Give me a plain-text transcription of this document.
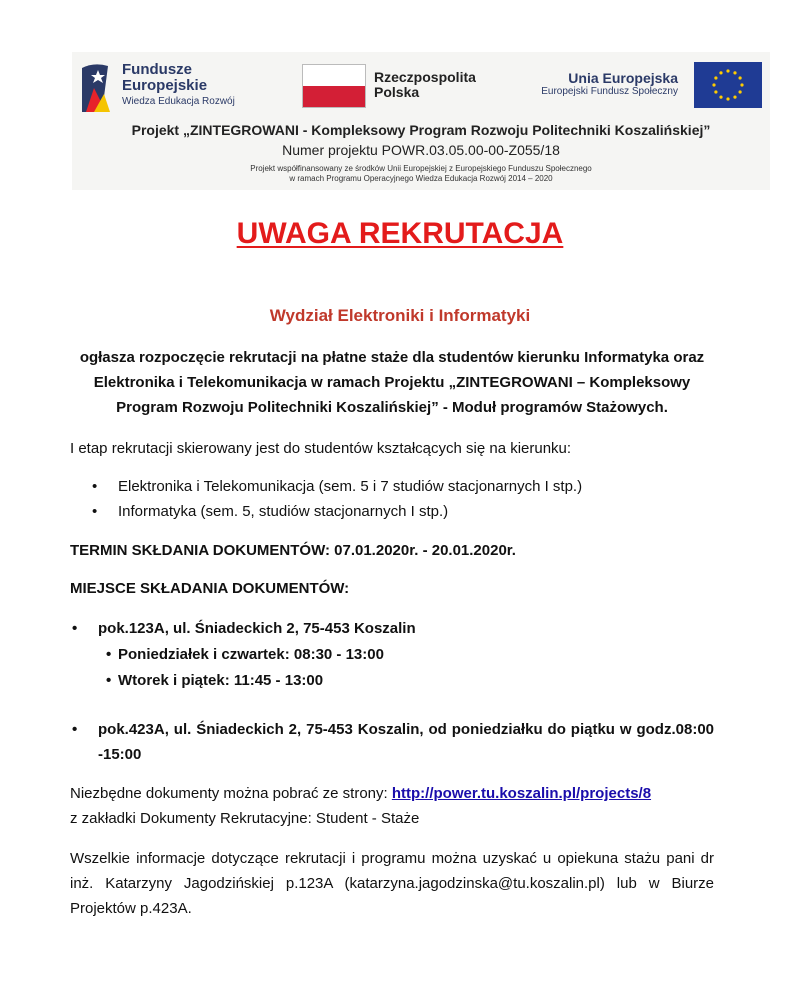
Fundusze
Europejskie
Wiedza Edukacja Rozwój
Rzeczpospolita
Polska
Unia Europejska
Europejski Fundusz Społeczny
Projekt „ZINTEGROWANI - Kompleksowy Program Rozwoju Politechniki Koszalińskiej”
Numer projektu POWR.03.05.00-00-Z055/18
Projekt współfinansowany ze środków Unii Europejskiej z Europejskiego Funduszu Społecznego
w ramach Programu Operacyjnego Wiedza Edukacja Rozwój 2014 – 2020
UWAGA REKRUTACJA
Wydział Elektroniki i Informatyki
ogłasza rozpoczęcie rekrutacji na płatne staże dla studentów kierunku Informatyka oraz Elektronika i Telekomunikacja w ramach Projektu „ZINTEGROWANI – Kompleksowy Program Rozwoju Politechniki Koszalińskiej” - Moduł programów Stażowych.
I etap rekrutacji skierowany jest do studentów kształcących się na kierunku:
• Elektronika i Telekomunikacja (sem. 5 i 7 studiów stacjonarnych I stp.)
• Informatyka (sem. 5, studiów stacjonarnych I stp.)
TERMIN SKŁDANIA DOKUMENTÓW: 07.01.2020r. - 20.01.2020r.
MIEJSCE SKŁADANIA DOKUMENTÓW:
• pok.123A, ul. Śniadeckich 2, 75-453 Koszalin
• Poniedziałek i czwartek: 08:30 - 13:00
• Wtorek i piątek: 11:45 - 13:00
• pok.423A, ul. Śniadeckich 2, 75-453 Koszalin, od poniedziałku do piątku w godz.08:00 -15:00
Niezbędne dokumenty można pobrać ze strony: http://power.tu.koszalin.pl/projects/8
z zakładki Dokumenty Rekrutacyjne: Student - Staże
Wszelkie informacje dotyczące rekrutacji i programu można uzyskać u opiekuna stażu pani dr inż. Katarzyny Jagodzińskiej p.123A (katarzyna.jagodzinska@tu.koszalin.pl) lub w Biurze Projektów p.423A.
